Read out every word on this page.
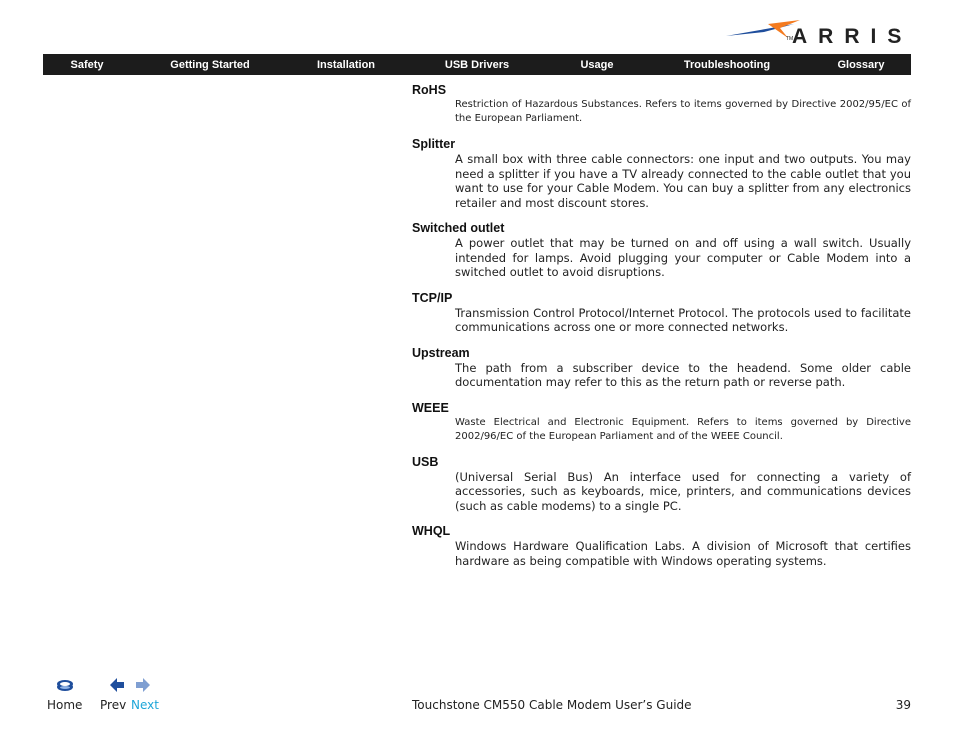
ARRIS
TM
Safety	Getting Started	Installation	USB Drivers	Usage	Troubleshooting	Glossary

RoHS

Restriction of Hazardous Substances. Refers to items governed by Directive 2002/95/EC of the European Parliament.

Splitter

A small box with three cable connectors: one input and two outputs. You may need a splitter if you have a TV already connected to the cable outlet that you want to use for your Cable Modem. You can buy a splitter from any electronics retailer and most discount stores.

Switched outlet

A power outlet that may be turned on and off using a wall switch. Usually intended for lamps. Avoid plugging your computer or Cable Modem into a switched outlet to avoid disruptions.

TCP/IP

Transmission Control Protocol/Internet Protocol. The protocols used to facilitate communications across one or more connected networks.

Upstream

The path from a subscriber device to the headend. Some older cable documentation may refer to this as the return path or reverse path.

WEEE

Waste Electrical and Electronic Equipment. Refers to items governed by Directive 2002/96/EC of the European Parliament and of the WEEE Council.

USB

(Universal Serial Bus) An interface used for connecting a variety of accessories, such as keyboards, mice, printers, and communications devices (such as cable modems) to a single PC.

WHQL

Windows Hardware Qualification Labs. A division of Microsoft that certifies hardware as being compatible with Windows operating systems.

Home Prev Next	Touchstone CM550 Cable Modem User’s Guide	39
